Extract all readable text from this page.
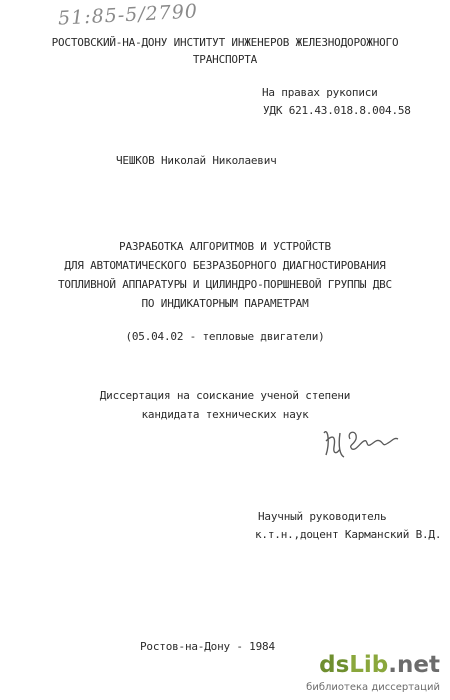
51:85-5/2790
РОСТОВСКИЙ-НА-ДОНУ ИНСТИТУТ ИНЖЕНЕРОВ ЖЕЛЕЗНОДОРОЖНОГО
ТРАНСПОРТА
На правах рукописи
УДК 621.43.018.8.004.58
ЧЕШКОВ Николай Николаевич
РАЗРАБОТКА АЛГОРИТМОВ И УСТРОЙСТВ
ДЛЯ АВТОМАТИЧЕСКОГО БЕЗРАЗБОРНОГО ДИАГНОСТИРОВАНИЯ
ТОПЛИВНОЙ АППАРАТУРЫ И ЦИЛИНДРО-ПОРШНЕВОЙ ГРУППЫ ДВС
ПО ИНДИКАТОРНЫМ ПАРАМЕТРАМ
(05.04.02 - тепловые двигатели)
Диссертация на соискание ученой степени
кандидата технических наук
Научный руководитель
к.т.н.,доцент Карманский В.Д.
Ростов-на-Дону - 1984
dsLib.net
библиотека диссертаций
